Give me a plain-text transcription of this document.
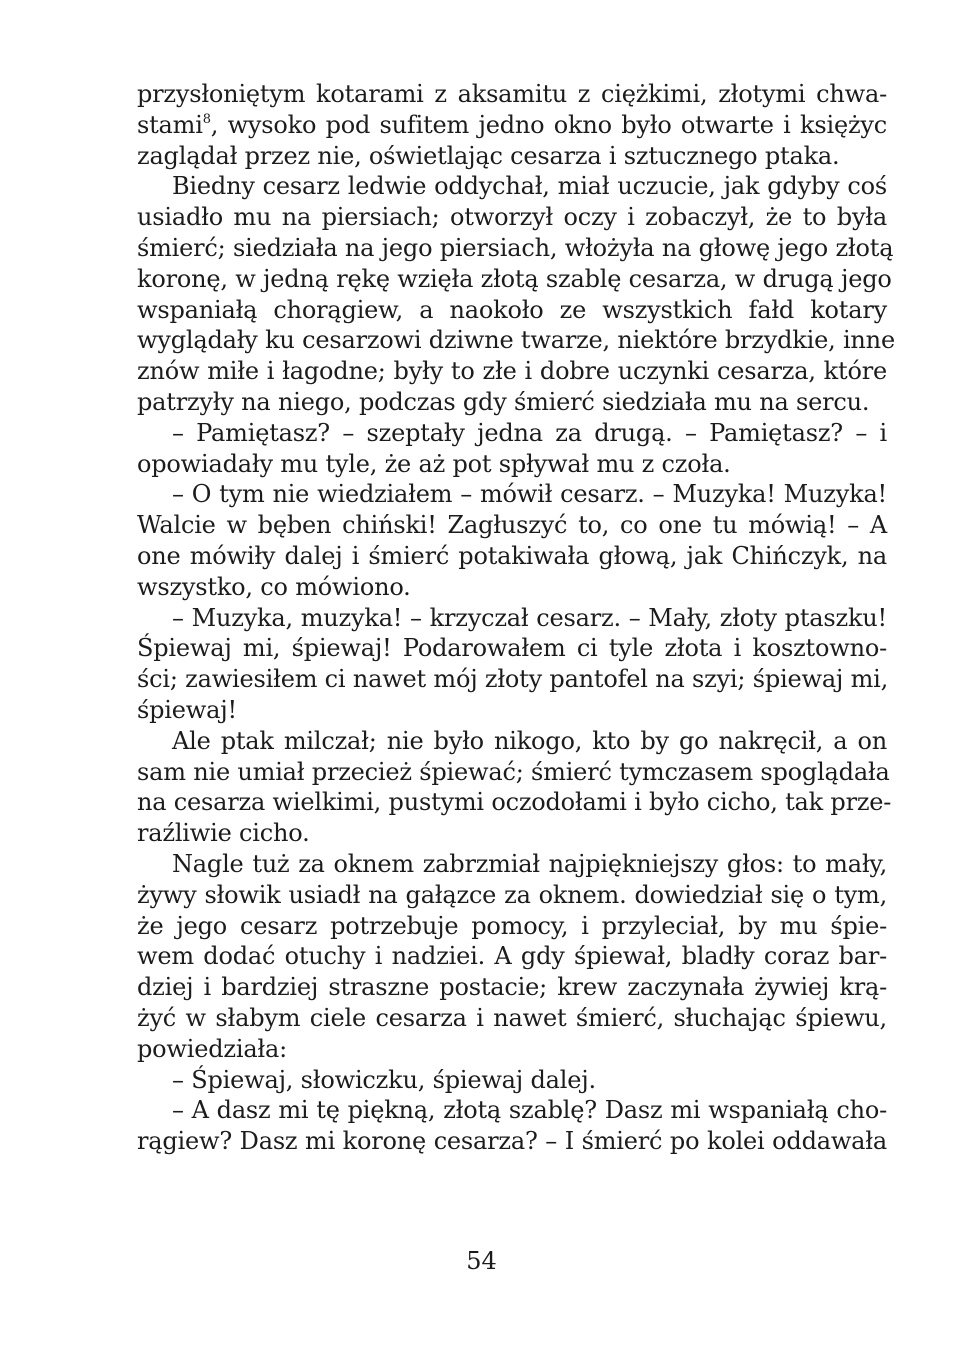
przysłoniętym kotarami z aksamitu z ciężkimi, złotymi chwa-
stami$^8$, wysoko pod sufitem jedno okno było otwarte i księżyc
zaglądał przez nie, oświetlając cesarza i sztucznego ptaka.
Biedny cesarz ledwie oddychał, miał uczucie, jak gdyby coś
usiadło mu na piersiach; otworzył oczy i zobaczył, że to była
śmierć; siedziała na jego piersiach, włożyła na głowę jego złotą
koronę, w jedną rękę wzięła złotą szablę cesarza, w drugą jego
wspaniałą chorągiew, a naokoło ze wszystkich fałd kotary
wyglądały ku cesarzowi dziwne twarze, niektóre brzydkie, inne
znów miłe i łagodne; były to złe i dobre uczynki cesarza, które
patrzyły na niego, podczas gdy śmierć siedziała mu na sercu.
– Pamiętasz? – szeptały jedna za drugą. – Pamiętasz? – i
opowiadały mu tyle, że aż pot spływał mu z czoła.
– O tym nie wiedziałem – mówił cesarz. – Muzyka! Muzyka!
Walcie w bęben chiński! Zagłuszyć to, co one tu mówią! – A
one mówiły dalej i śmierć potakiwała głową, jak Chińczyk, na
wszystko, co mówiono.
– Muzyka, muzyka! – krzyczał cesarz. – Mały, złoty ptaszku!
Śpiewaj mi, śpiewaj! Podarowałem ci tyle złota i kosztowno-
ści; zawiesiłem ci nawet mój złoty pantofel na szyi; śpiewaj mi,
śpiewaj!
Ale ptak milczał; nie było nikogo, kto by go nakręcił, a on
sam nie umiał przecież śpiewać; śmierć tymczasem spoglądała
na cesarza wielkimi, pustymi oczodołami i było cicho, tak prze-
raźliwie cicho.
Nagle tuż za oknem zabrzmiał najpiękniejszy głos: to mały,
żywy słowik usiadł na gałązce za oknem. dowiedział się o tym,
że jego cesarz potrzebuje pomocy, i przyleciał, by mu śpie-
wem dodać otuchy i nadziei. A gdy śpiewał, bladły coraz bar-
dziej i bardziej straszne postacie; krew zaczynała żywiej krą-
żyć w słabym ciele cesarza i nawet śmierć, słuchając śpiewu,
powiedziała:
– Śpiewaj, słowiczku, śpiewaj dalej.
– A dasz mi tę piękną, złotą szablę? Dasz mi wspaniałą cho-
rągiew? Dasz mi koronę cesarza? – I śmierć po kolei oddawała
54
